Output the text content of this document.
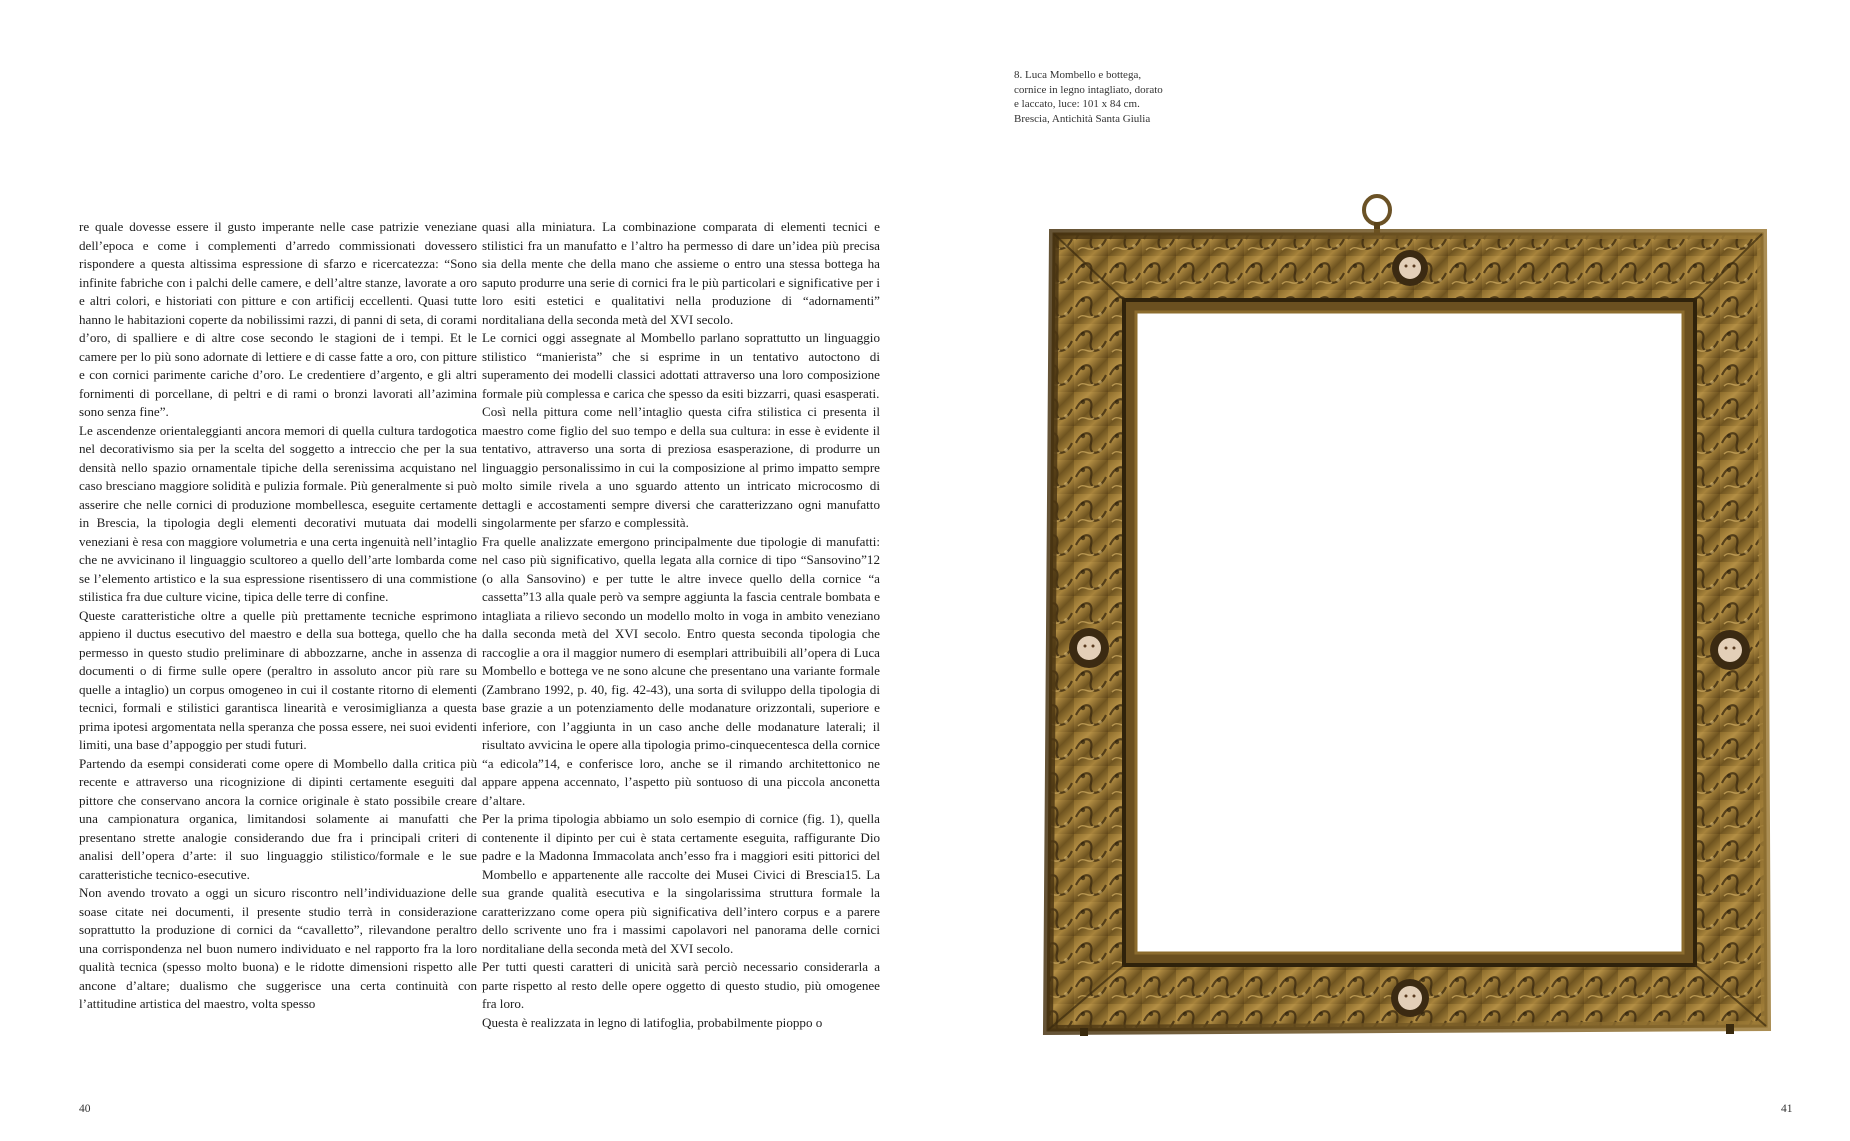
8. Luca Mombello e bottega,
cornice in legno intagliato, dorato
e laccato, luce: 101 x 84 cm.
Brescia, Antichità Santa Giulia

re quale dovesse essere il gusto imperante nelle case patrizie veneziane dell’epoca e come i complementi d’arredo commissionati dovessero rispondere a questa altissima espressione di sfarzo e ricercatezza: “Sono infinite fabriche con i palchi delle camere, e dell’altre stanze, lavorate a oro e altri colori, e historiati con pitture e con artificij eccellenti. Quasi tutte hanno le habitazioni coperte da nobilissimi razzi, di panni di seta, di corami d’oro, di spalliere e di altre cose secondo le stagioni de i tempi. Et le camere per lo più sono adornate di lettiere e di casse fatte a oro, con pitture e con cornici parimente cariche d’oro. Le credentiere d’argento, e gli altri fornimenti di porcellane, di peltri e di rami o bronzi lavorati all’azimina sono senza fine”.

Le ascendenze orientaleggianti ancora memori di quella cultura tardogotica nel decorativismo sia per la scelta del soggetto a intreccio che per la sua densità nello spazio ornamentale tipiche della serenissima acquistano nel caso bresciano maggiore solidità e pulizia formale. Più generalmente si può asserire che nelle cornici di produzione mombellesca, eseguite certamente in Brescia, la tipologia degli elementi decorativi mutuata dai modelli veneziani è resa con maggiore volumetria e una certa ingenuità nell’intaglio che ne avvicinano il linguaggio scultoreo a quello dell’arte lombarda come se l’elemento artistico e la sua espressione risentissero di una commistione stilistica fra due culture vicine, tipica delle terre di confine.

Queste caratteristiche oltre a quelle più prettamente tecniche esprimono appieno il ductus esecutivo del maestro e della sua bottega, quello che ha permesso in questo studio preliminare di abbozzarne, anche in assenza di documenti o di firme sulle opere (peraltro in assoluto ancor più rare su quelle a intaglio) un corpus omogeneo in cui il costante ritorno di elementi tecnici, formali e stilistici garantisca linearità e verosimiglianza a questa prima ipotesi argomentata nella speranza che possa essere, nei suoi evidenti limiti, una base d’appoggio per studi futuri.

Partendo da esempi considerati come opere di Mombello dalla critica più recente e attraverso una ricognizione di dipinti certamente eseguiti dal pittore che conservano ancora la cornice originale è stato possibile creare una campionatura organica, limitandosi solamente ai manufatti che presentano strette analogie considerando due fra i principali criteri di analisi dell’opera d’arte: il suo linguaggio stilistico/formale e le sue caratteristiche tecnico-esecutive.

Non avendo trovato a oggi un sicuro riscontro nell’individuazione delle soase citate nei documenti, il presente studio terrà in considerazione soprattutto la produzione di cornici da “cavalletto”, rilevandone peraltro una corrispondenza nel buon numero individuato e nel rapporto fra la loro qualità tecnica (spesso molto buona) e le ridotte dimensioni rispetto alle ancone d’altare; dualismo che suggerisce una certa continuità con l’attitudine artistica del maestro, volta spesso

quasi alla miniatura. La combinazione comparata di elementi tecnici e stilistici fra un manufatto e l’altro ha permesso di dare un’idea più precisa sia della mente che della mano che assieme o entro una stessa bottega ha saputo produrre una serie di cornici fra le più particolari e significative per i loro esiti estetici e qualitativi nella produzione di “adornamenti” norditaliana della seconda metà del XVI secolo.

Le cornici oggi assegnate al Mombello parlano soprattutto un linguaggio stilistico “manierista” che si esprime in un tentativo autoctono di superamento dei modelli classici adottati attraverso una loro composizione formale più complessa e carica che spesso da esiti bizzarri, quasi esasperati.

Così nella pittura come nell’intaglio questa cifra stilistica ci presenta il maestro come figlio del suo tempo e della sua cultura: in esse è evidente il tentativo, attraverso una sorta di preziosa esasperazione, di produrre un linguaggio personalissimo in cui la composizione al primo impatto sempre molto simile rivela a uno sguardo attento un intricato microcosmo di dettagli e accostamenti sempre diversi che caratterizzano ogni manufatto singolarmente per sfarzo e complessità.

Fra quelle analizzate emergono principalmente due tipologie di manufatti: nel caso più significativo, quella legata alla cornice di tipo “Sansovino”12 (o alla Sansovino) e per tutte le altre invece quello della cornice “a cassetta”13 alla quale però va sempre aggiunta la fascia centrale bombata e intagliata a rilievo secondo un modello molto in voga in ambito veneziano dalla seconda metà del XVI secolo. Entro questa seconda tipologia che raccoglie a ora il maggior numero di esemplari attribuibili all’opera di Luca Mombello e bottega ve ne sono alcune che presentano una variante formale (Zambrano 1992, p. 40, fig. 42-43), una sorta di sviluppo della tipologia di base grazie a un potenziamento delle modanature orizzontali, superiore e inferiore, con l’aggiunta in un caso anche delle modanature laterali; il risultato avvicina le opere alla tipologia primo-cinquecentesca della cornice “a edicola”14, e conferisce loro, anche se il rimando architettonico ne appare appena accennato, l’aspetto più sontuoso di una piccola anconetta d’altare.

Per la prima tipologia abbiamo un solo esempio di cornice (fig. 1), quella contenente il dipinto per cui è stata certamente eseguita, raffigurante Dio padre e la Madonna Immacolata anch’esso fra i maggiori esiti pittorici del Mombello e appartenente alle raccolte dei Musei Civici di Brescia15. La sua grande qualità esecutiva e la singolarissima struttura formale la caratterizzano come opera più significativa dell’intero corpus e a parere dello scrivente uno fra i massimi capolavori nel panorama delle cornici norditaliane della seconda metà del XVI secolo.

Per tutti questi caratteri di unicità sarà perciò necessario considerarla a parte rispetto al resto delle opere oggetto di questo studio, più omogenee fra loro.

Questa è realizzata in legno di latifoglia, probabilmente pioppo o

40	41
